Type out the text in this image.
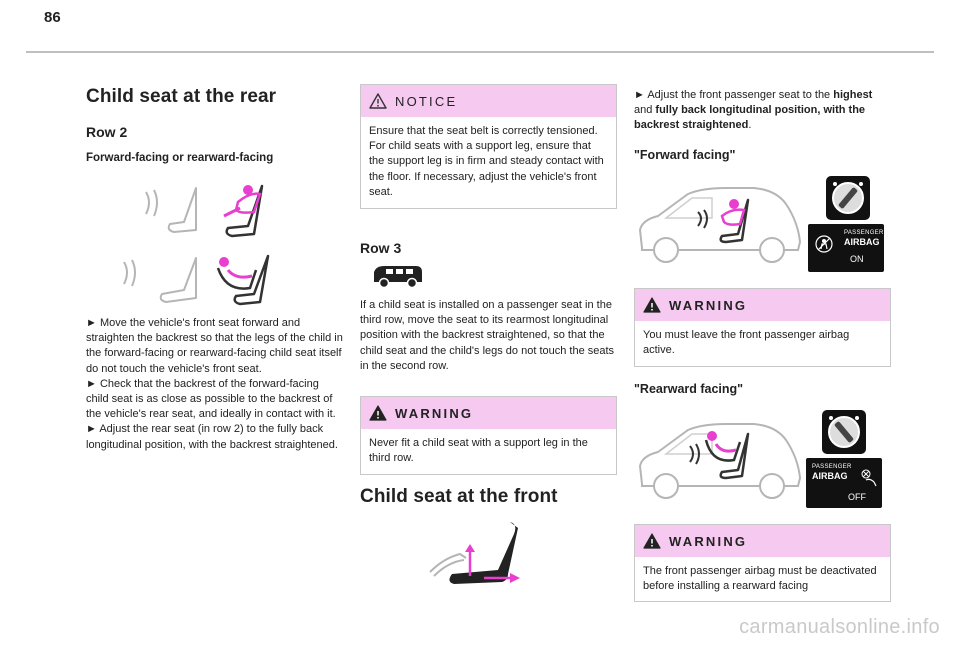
86
Child seat at the rear
Row 2
Forward-facing or rearward-facing

► Move the vehicle's front seat forward and straighten the backrest so that the legs of the child in the forward-facing or rearward-facing child seat itself do not touch the vehicle's front seat.

► Check that the backrest of the forward-facing child seat is as close as possible to the backrest of the vehicle's rear seat, and ideally in contact with it.

► Adjust the rear seat (in row 2) to the fully back longitudinal position, with the backrest straightened.

NOTICE
Ensure that the seat belt is correctly tensioned.
For child seats with a support leg, ensure that the support leg is in firm and steady contact with the floor. If necessary, adjust the vehicle's front seat.
Row 3

If a child seat is installed on a passenger seat in the third row, move the seat to its rearmost longitudinal position with the backrest straightened, so that the child seat and the child's legs do not touch the seats in the second row.

WARNING
Never fit a child seat with a support leg in the third row.
Child seat at the front

► Adjust the front passenger seat to the highest and fully back longitudinal position, with the backrest straightened.

"Forward facing"
PASSENGER
AIRBAG
ON
WARNING
You must leave the front passenger airbag active.
"Rearward facing"
PASSENGER
AIRBAG
OFF
WARNING
The front passenger airbag must be deactivated before installing a rearward facing
carmanualsonline.info
